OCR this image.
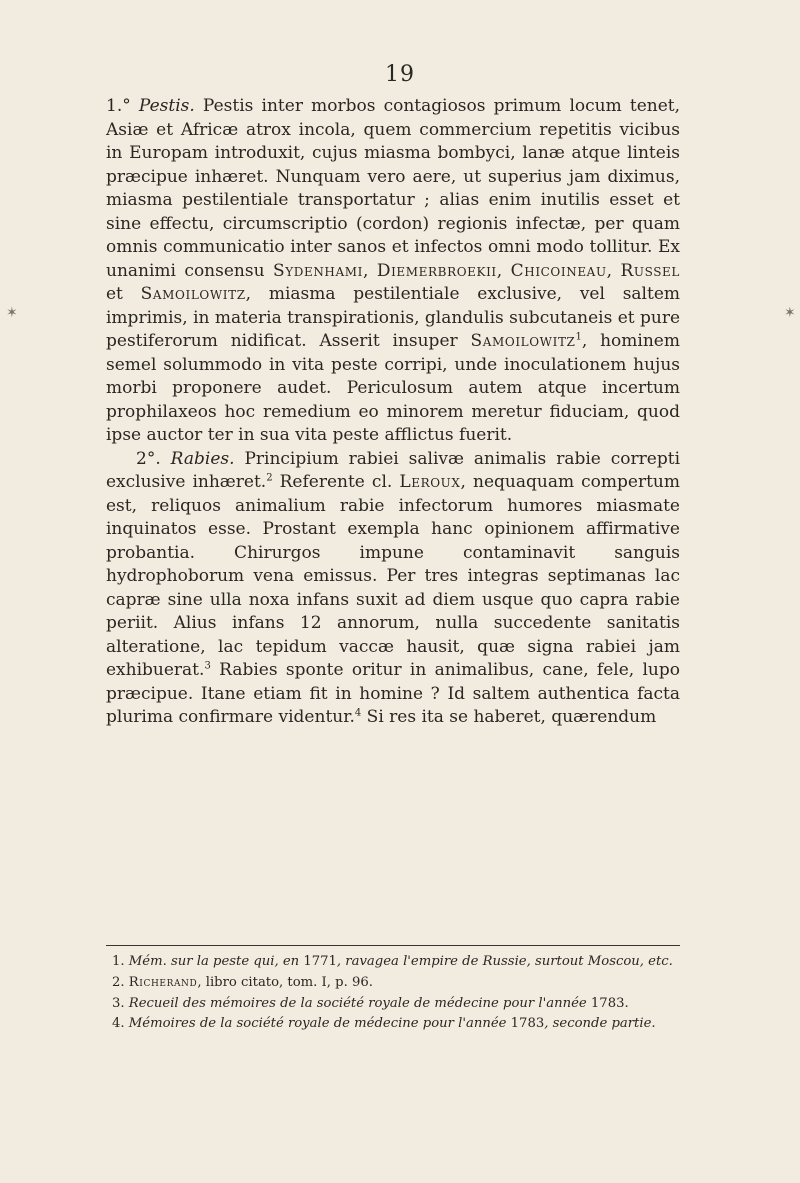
19

1.° Pestis. Pestis inter morbos contagiosos primum locum tenet, Asiæ et Africæ atrox incola, quem commercium repetitis vicibus in Europam introduxit, cujus miasma bombyci, lanæ atque linteis præcipue inhæret. Nunquam vero aere, ut superius jam diximus, miasma pestilentiale transportatur ; alias enim inutilis esset et sine effectu, circumscriptio (cordon) regionis infectæ, per quam omnis communicatio inter sanos et infectos omni modo tollitur. Ex unanimi consensu Sydenhami, Diemerbroekii, Chicoineau, Russel et Samoilowitz, miasma pestilentiale exclusive, vel saltem imprimis, in materia transpirationis, glandulis subcutaneis et pure pestiferorum nidificat. Asserit insuper Samoilowitz$^1$, hominem semel solummodo in vita peste corripi, unde inoculationem hujus morbi proponere audet. Periculosum autem atque incertum prophilaxeos hoc remedium eo minorem meretur fiduciam, quod ipse auctor ter in sua vita peste afflictus fuerit.

2°. Rabies. Principium rabiei salivæ animalis rabie correpti exclusive inhæret.$^2$ Referente cl. Leroux, nequaquam compertum est, reliquos animalium rabie infectorum humores miasmate inquinatos esse. Prostant exempla hanc opinionem affirmative probantia. Chirurgos impune contaminavit sanguis hydrophoborum vena emissus. Per tres integras septimanas lac capræ sine ulla noxa infans suxit ad diem usque quo capra rabie periit. Alius infans 12 annorum, nulla succedente sanitatis alteratione, lac tepidum vaccæ hausit, quæ signa rabiei jam exhibuerat.$^3$ Rabies sponte oritur in animalibus, cane, fele, lupo præcipue. Itane etiam fit in homine ? Id saltem authentica facta plurima confirmare videntur.$^4$ Si res ita se haberet, quærendum

1. Mém. sur la peste qui, en 1771, ravagea l'empire de Russie, surtout Moscou, etc.
2. Richerand, libro citato, tom. I, p. 96.
3. Recueil des mémoires de la société royale de médecine pour l'année 1783.
4. Mémoires de la société royale de médecine pour l'année 1783, seconde partie.
✶	✶
